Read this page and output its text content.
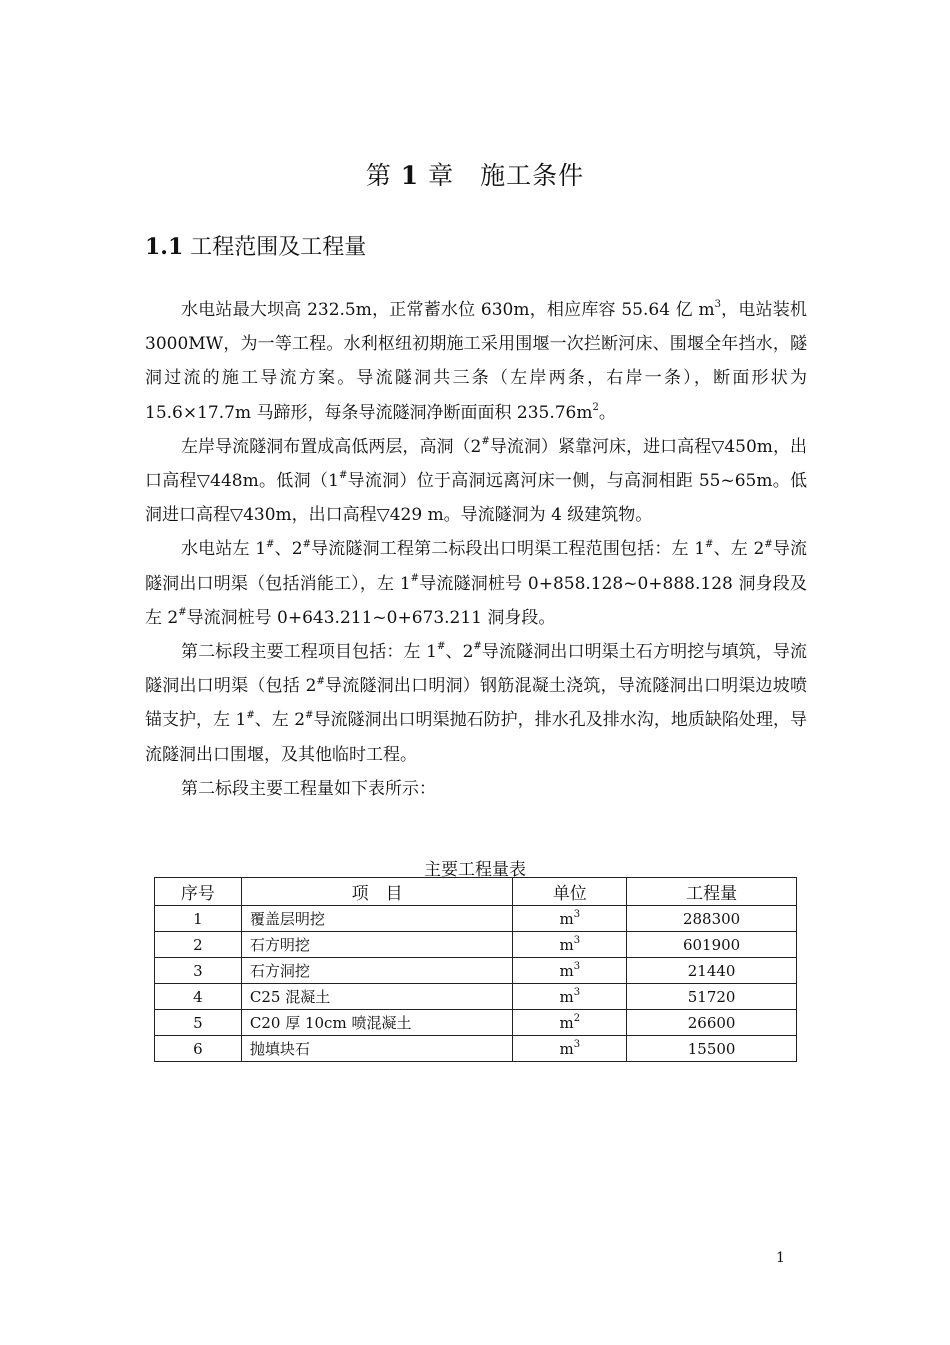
第 1 章　 施工条件
1.1 工程范围及工程量

水电站最大坝高 232.5m，正常蓄水位 630m，相应库容 55.64 亿 $m^3$，电站装机 3000MW，为一等工程。水利枢纽初期施工采用围堰一次拦断河床、围堰全年挡水，隧洞过流的施工导流方案。导流隧洞共三条（左岸两条，右岸一条），断面形状为 15.6×17.7m 马蹄形，每条导流隧洞净断面面积 $235.76m^2$。

左岸导流隧洞布置成高低两层，高洞（2#导流洞）紧靠河床，进口高程▽450m，出口高程▽448m。低洞（1#导流洞）位于高洞远离河床一侧，与高洞相距 55~65m。低洞进口高程▽430m，出口高程▽429 m。导流隧洞为 4 级建筑物。

水电站左 1#、2#导流隧洞工程第二标段出口明渠工程范围包括：左 1#、左 2#导流隧洞出口明渠（包括消能工），左 1#导流隧洞桩号 0+858.128~0+888.128 洞身段及左 2#导流洞桩号 0+643.211~0+673.211 洞身段。

第二标段主要工程项目包括：左 1#、2#导流隧洞出口明渠土石方明挖与填筑，导流隧洞出口明渠（包括 2#导流隧洞出口明洞）钢筋混凝土浇筑，导流隧洞出口明渠边坡喷锚支护，左 1#、左 2#导流隧洞出口明渠抛石防护，排水孔及排水沟，地质缺陷处理，导流隧洞出口围堰，及其他临时工程。

第二标段主要工程量如下表所示：

主要工程量表
序号	项　目	单位	工程量
1	覆盖层明挖	$m^3$	288300
2	石方明挖	$m^3$	601900
3	石方洞挖	$m^3$	21440
4	C25 混凝土	$m^3$	51720
5	C20 厚 10cm 喷混凝土	$m^2$	26600
6	抛填块石	$m^3$	15500
1
